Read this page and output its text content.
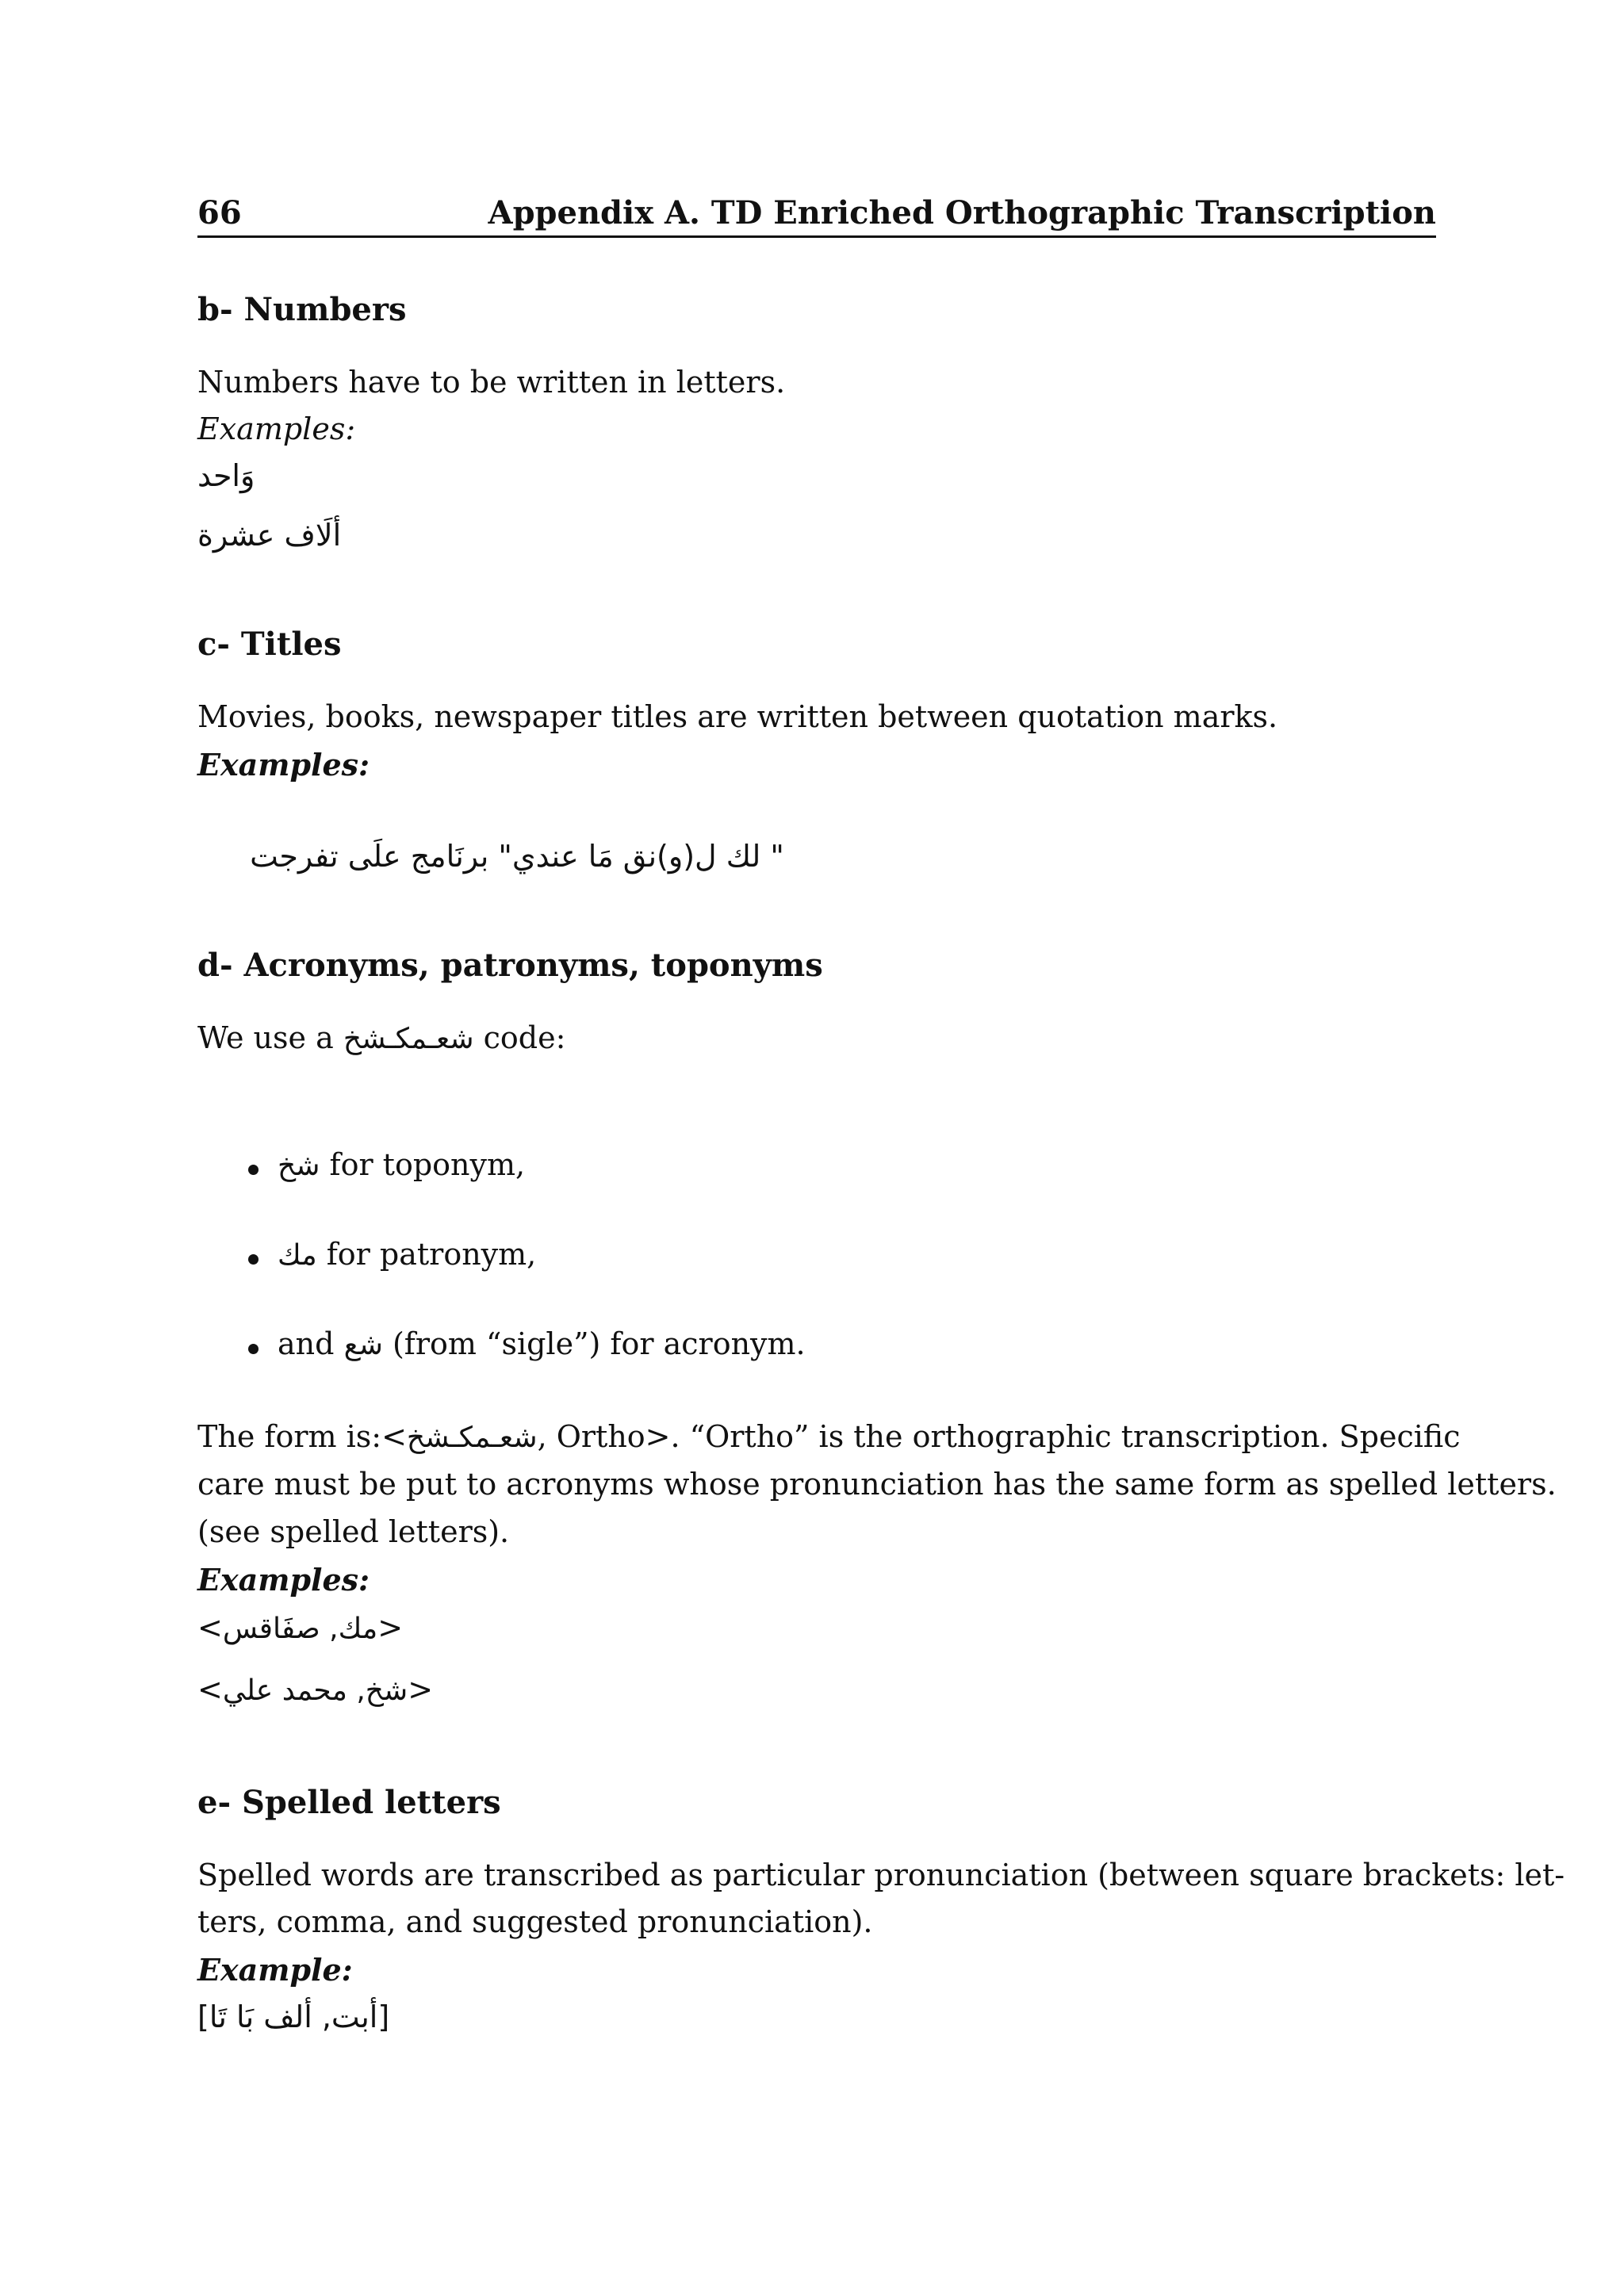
66	Appendix A. TD Enriched Orthographic Transcription
b- Numbers
Numbers have to be written in letters.
Examples:
وَاحد
ألَاف عشرة
c- Titles
Movies, books, newspaper titles are written between quotation marks.
Examples:
" لك ل(و)نق مَا عندي" برنَامج علَى تفرجت
d- Acronyms, patronyms, toponyms
We use a شعـمكـشخ code:
شخ for toponym,
مك for patronym,
and شع (from “sigle”) for acronym.
The form is:<شعـمكـشخ, Ortho>. “Ortho” is the orthographic transcription. Specific
care must be put to acronyms whose pronunciation has the same form as spelled letters.
(see spelled letters).
Examples:
<مك, صفَاقس>
<شخ, محمد علي>
e- Spelled letters
Spelled words are transcribed as particular pronunciation (between square brackets: let-
ters, comma, and suggested pronunciation).
Example:
[أبت, ألف بَا تَا]
